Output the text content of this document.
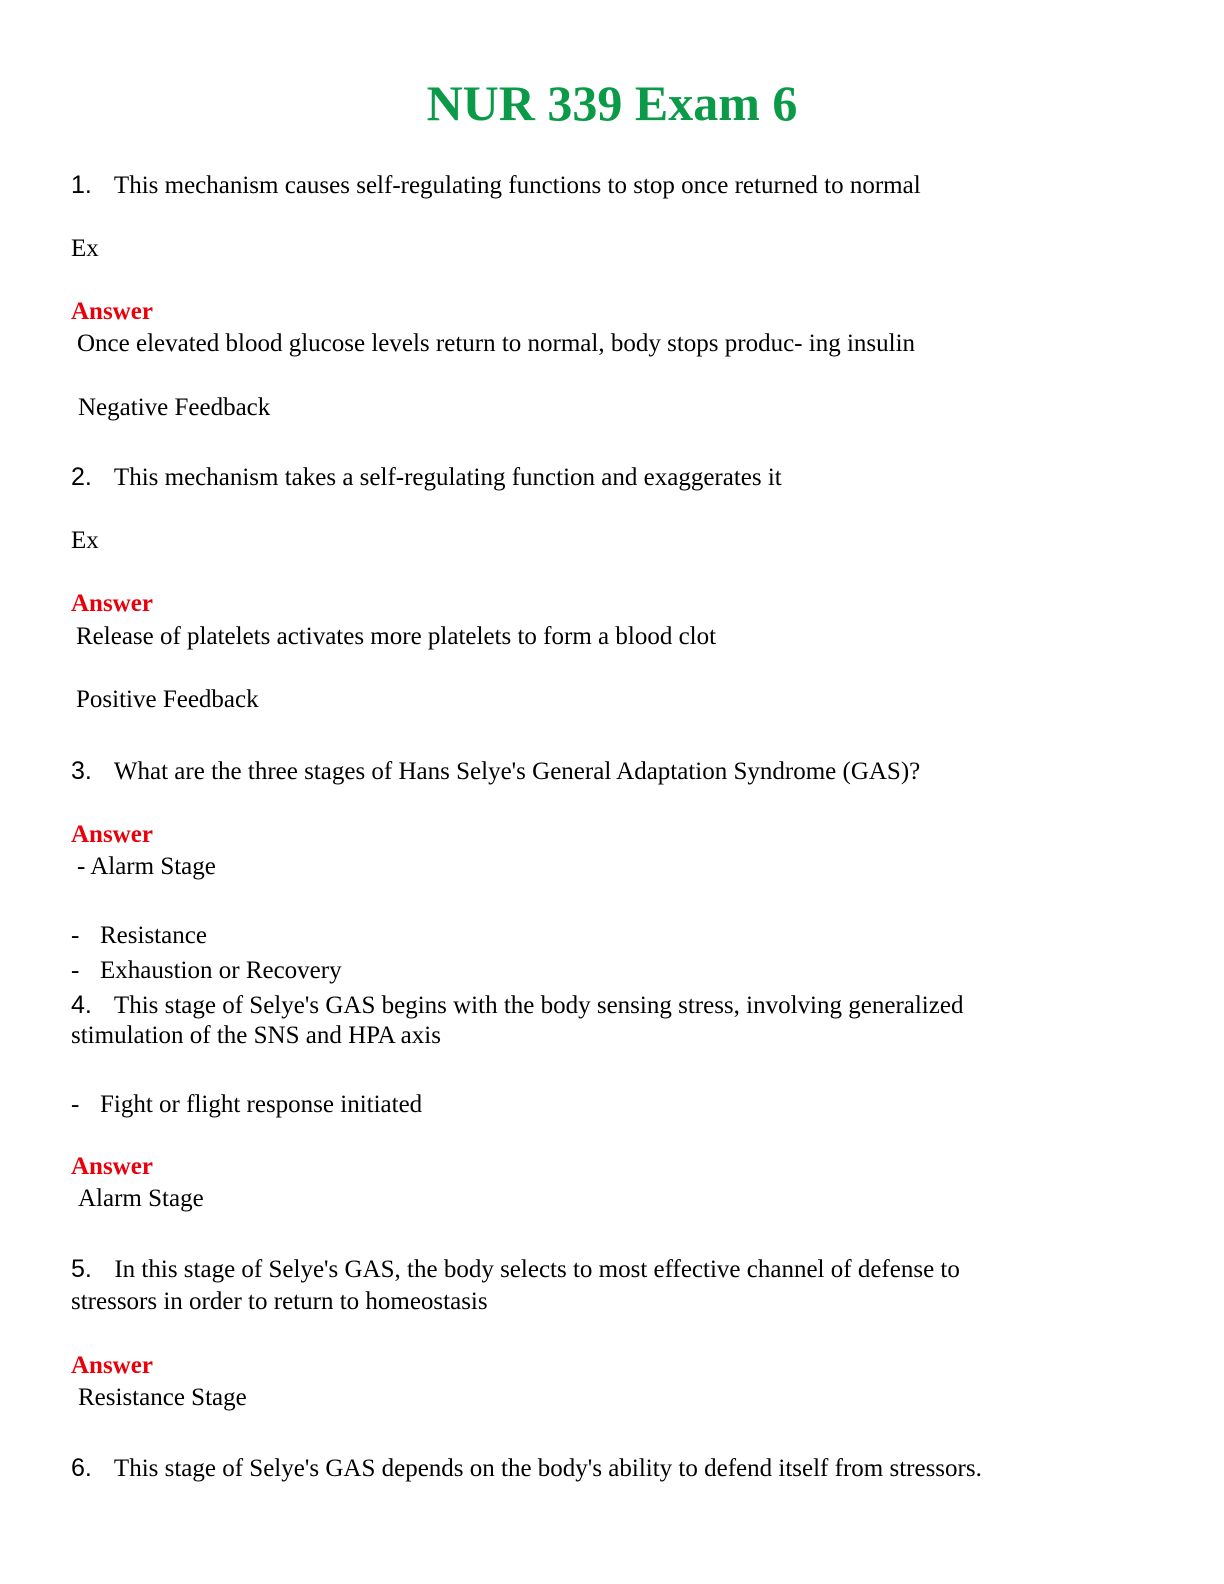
NUR 339 Exam 6
1. This mechanism causes self-regulating functions to stop once returned to normal
Ex
Answer
Once elevated blood glucose levels return to normal, body stops produc- ing insulin
Negative Feedback
2. This mechanism takes a self-regulating function and exaggerates it
Ex
Answer
Release of platelets activates more platelets to form a blood clot
Positive Feedback
3. What are the three stages of Hans Selye's General Adaptation Syndrome (GAS)?
Answer
- Alarm Stage
- Resistance
- Exhaustion or Recovery
4. This stage of Selye's GAS begins with the body sensing stress, involving generalized
stimulation of the SNS and HPA axis
- Fight or flight response initiated
Answer
Alarm Stage
5. In this stage of Selye's GAS, the body selects to most effective channel of defense to
stressors in order to return to homeostasis
Answer
Resistance Stage
6. This stage of Selye's GAS depends on the body's ability to defend itself from stressors.
